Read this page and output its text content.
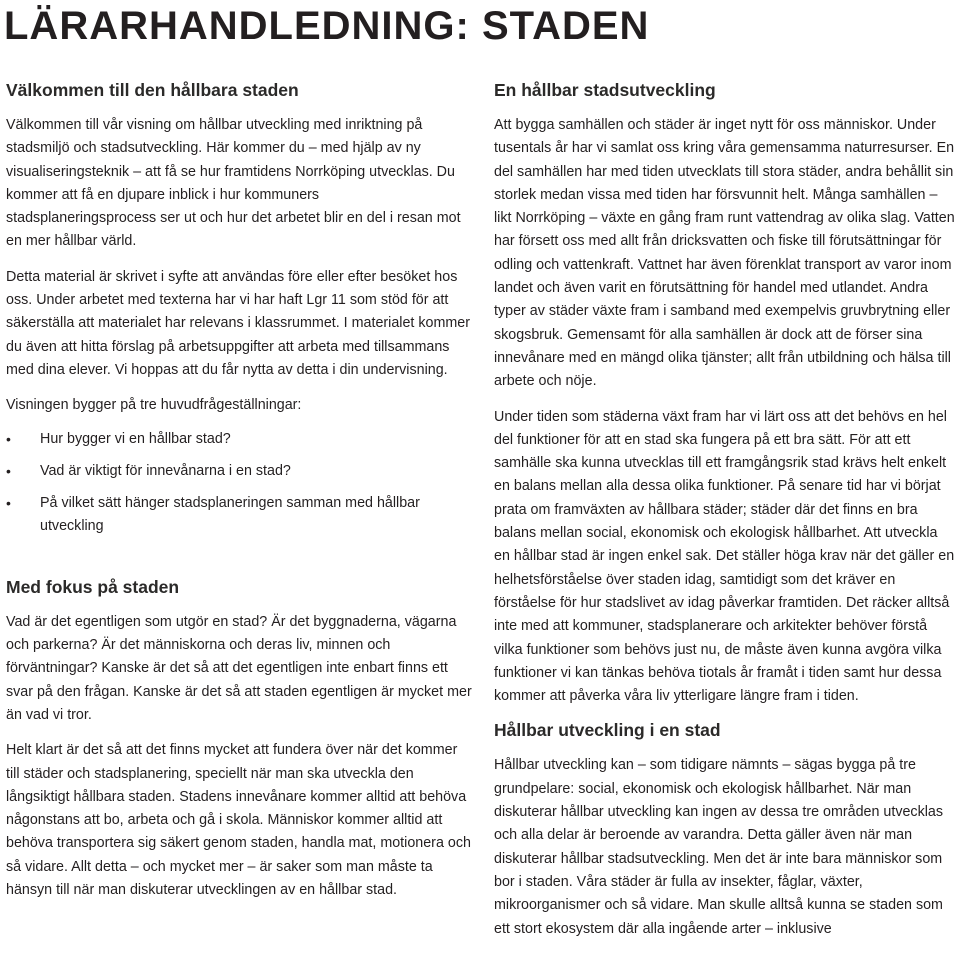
LÄRARHANDLEDNING: STADEN
Välkommen till den hållbara staden

Välkommen till vår visning om hållbar utveckling med inriktning på stadsmiljö och stadsutveckling. Här kommer du – med hjälp av ny visualiseringsteknik – att få se hur framtidens Norrköping utvecklas. Du kommer att få en djupare inblick i hur kommuners stadsplaneringsprocess ser ut och hur det arbetet blir en del i resan mot en mer hållbar värld.

Detta material är skrivet i syfte att användas före eller efter besöket hos oss. Under arbetet med texterna har vi har haft Lgr 11 som stöd för att säkerställa att materialet har relevans i klassrummet. I materialet kommer du även att hitta förslag på arbetsuppgifter att arbeta med tillsammans med dina elever. Vi hoppas att du får nytta av detta i din undervisning.

Visningen bygger på tre huvudfrågeställningar:

• Hur bygger vi en hållbar stad?
• Vad är viktigt för innevånarna i en stad?
• På vilket sätt hänger stadsplaneringen samman med hållbar utveckling
Med fokus på staden

Vad är det egentligen som utgör en stad? Är det byggnaderna, vägarna och parkerna? Är det människorna och deras liv, minnen och förväntningar? Kanske är det så att det egentligen inte enbart finns ett svar på den frågan. Kanske är det så att staden egentligen är mycket mer än vad vi tror.

Helt klart är det så att det finns mycket att fundera över när det kommer till städer och stadsplanering, speciellt när man ska utveckla den långsiktigt hållbara staden. Stadens innevånare kommer alltid att behöva någonstans att bo, arbeta och gå i skola. Människor kommer alltid att behöva transportera sig säkert genom staden, handla mat, motionera och så vidare. Allt detta – och mycket mer – är saker som man måste ta hänsyn till när man diskuterar utvecklingen av en hållbar stad.

En hållbar stadsutveckling

Att bygga samhällen och städer är inget nytt för oss människor. Under tusentals år har vi samlat oss kring våra gemensamma naturresurser. En del samhällen har med tiden utvecklats till stora städer, andra behållit sin storlek medan vissa med tiden har försvunnit helt. Många samhällen – likt Norrköping – växte en gång fram runt vattendrag av olika slag. Vatten har försett oss med allt från dricksvatten och fiske till förutsättningar för odling och vattenkraft. Vattnet har även förenklat transport av varor inom landet och även varit en förutsättning för handel med utlandet. Andra typer av städer växte fram i samband med exempelvis gruvbrytning eller skogsbruk. Gemensamt för alla samhällen är dock att de förser sina innevånare med en mängd olika tjänster; allt från utbildning och hälsa till arbete och nöje.

Under tiden som städerna växt fram har vi lärt oss att det behövs en hel del funktioner för att en stad ska fungera på ett bra sätt. För att ett samhälle ska kunna utvecklas till ett framgångsrik stad krävs helt enkelt en balans mellan alla dessa olika funktioner. På senare tid har vi börjat prata om framväxten av hållbara städer; städer där det finns en bra balans mellan social, ekonomisk och ekologisk hållbarhet. Att utveckla en hållbar stad är ingen enkel sak. Det ställer höga krav när det gäller en helhetsförståelse över staden idag, samtidigt som det kräver en förståelse för hur stadslivet av idag påverkar framtiden. Det räcker alltså inte med att kommuner, stadsplanerare och arkitekter behöver förstå vilka funktioner som behövs just nu, de måste även kunna avgöra vilka funktioner vi kan tänkas behöva tiotals år framåt i tiden samt hur dessa kommer att påverka våra liv ytterligare längre fram i tiden.

Hållbar utveckling i en stad

Hållbar utveckling kan – som tidigare nämnts – sägas bygga på tre grundpelare: social, ekonomisk och ekologisk hållbarhet. När man diskuterar hållbar utveckling kan ingen av dessa tre områden utvecklas och alla delar är beroende av varandra. Detta gäller även när man diskuterar hållbar stadsutveckling. Men det är inte bara människor som bor i staden. Våra städer är fulla av insekter, fåglar, växter, mikroorganismer och så vidare. Man skulle alltså kunna se staden som ett stort ekosystem där alla ingående arter – inklusive
